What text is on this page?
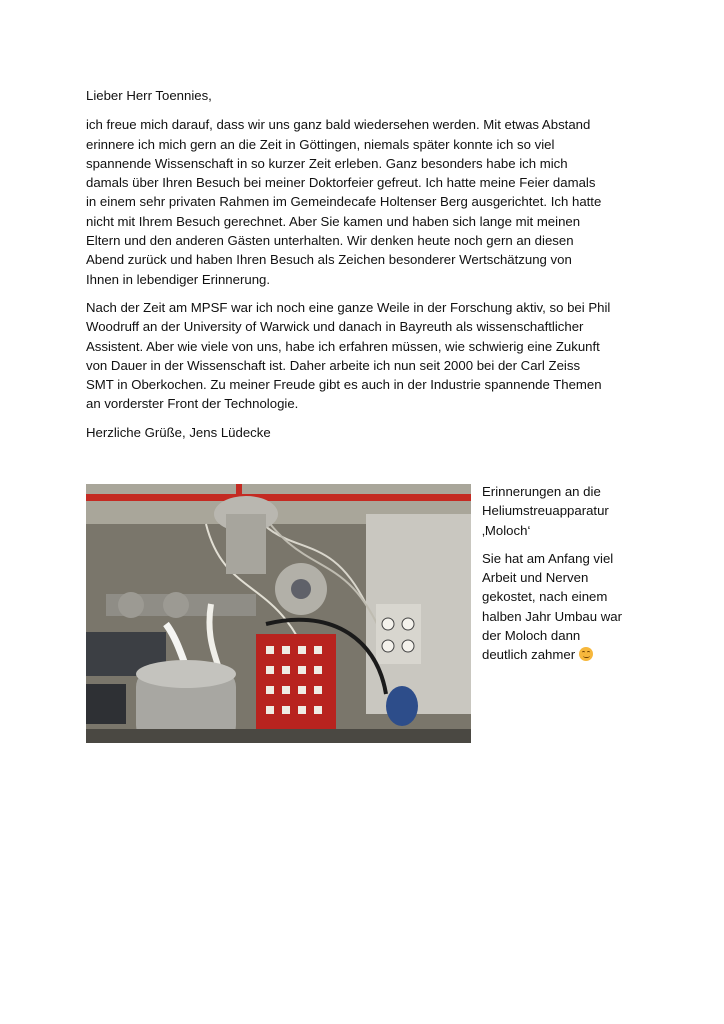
Lieber Herr Toennies,

ich freue mich darauf, dass wir uns ganz bald wiedersehen werden. Mit etwas Abstand
erinnere ich mich gern an die Zeit in Göttingen, niemals später konnte ich so viel
spannende Wissenschaft in so kurzer Zeit erleben. Ganz besonders habe ich mich
damals über Ihren Besuch bei meiner Doktorfeier gefreut. Ich hatte meine Feier damals
in einem sehr privaten Rahmen im Gemeindecafe Holtenser Berg ausgerichtet. Ich hatte
nicht mit Ihrem Besuch gerechnet. Aber Sie kamen und haben sich lange mit meinen
Eltern und den anderen Gästen unterhalten. Wir denken heute noch gern an diesen
Abend zurück und haben Ihren Besuch als Zeichen besonderer Wertschätzung von
Ihnen in lebendiger Erinnerung.

Nach der Zeit am MPSF war ich noch eine ganze Weile in der Forschung aktiv, so bei Phil
Woodruff an der University of Warwick und danach in Bayreuth als wissenschaftlicher
Assistent. Aber wie viele von uns, habe ich erfahren müssen, wie schwierig eine Zukunft
von Dauer in der Wissenschaft ist. Daher arbeite ich nun seit 2000 bei der Carl Zeiss
SMT in Oberkochen. Zu meiner Freude gibt es auch in der Industrie spannende Themen
an vorderster Front der Technologie.

Herzliche Grüße, Jens Lüdecke

Erinnerungen an die
Heliumstreuapparatur
‚Moloch‘

Sie hat am Anfang viel
Arbeit und Nerven
gekostet, nach einem
halben Jahr Umbau war
der Moloch dann
deutlich zahmer
